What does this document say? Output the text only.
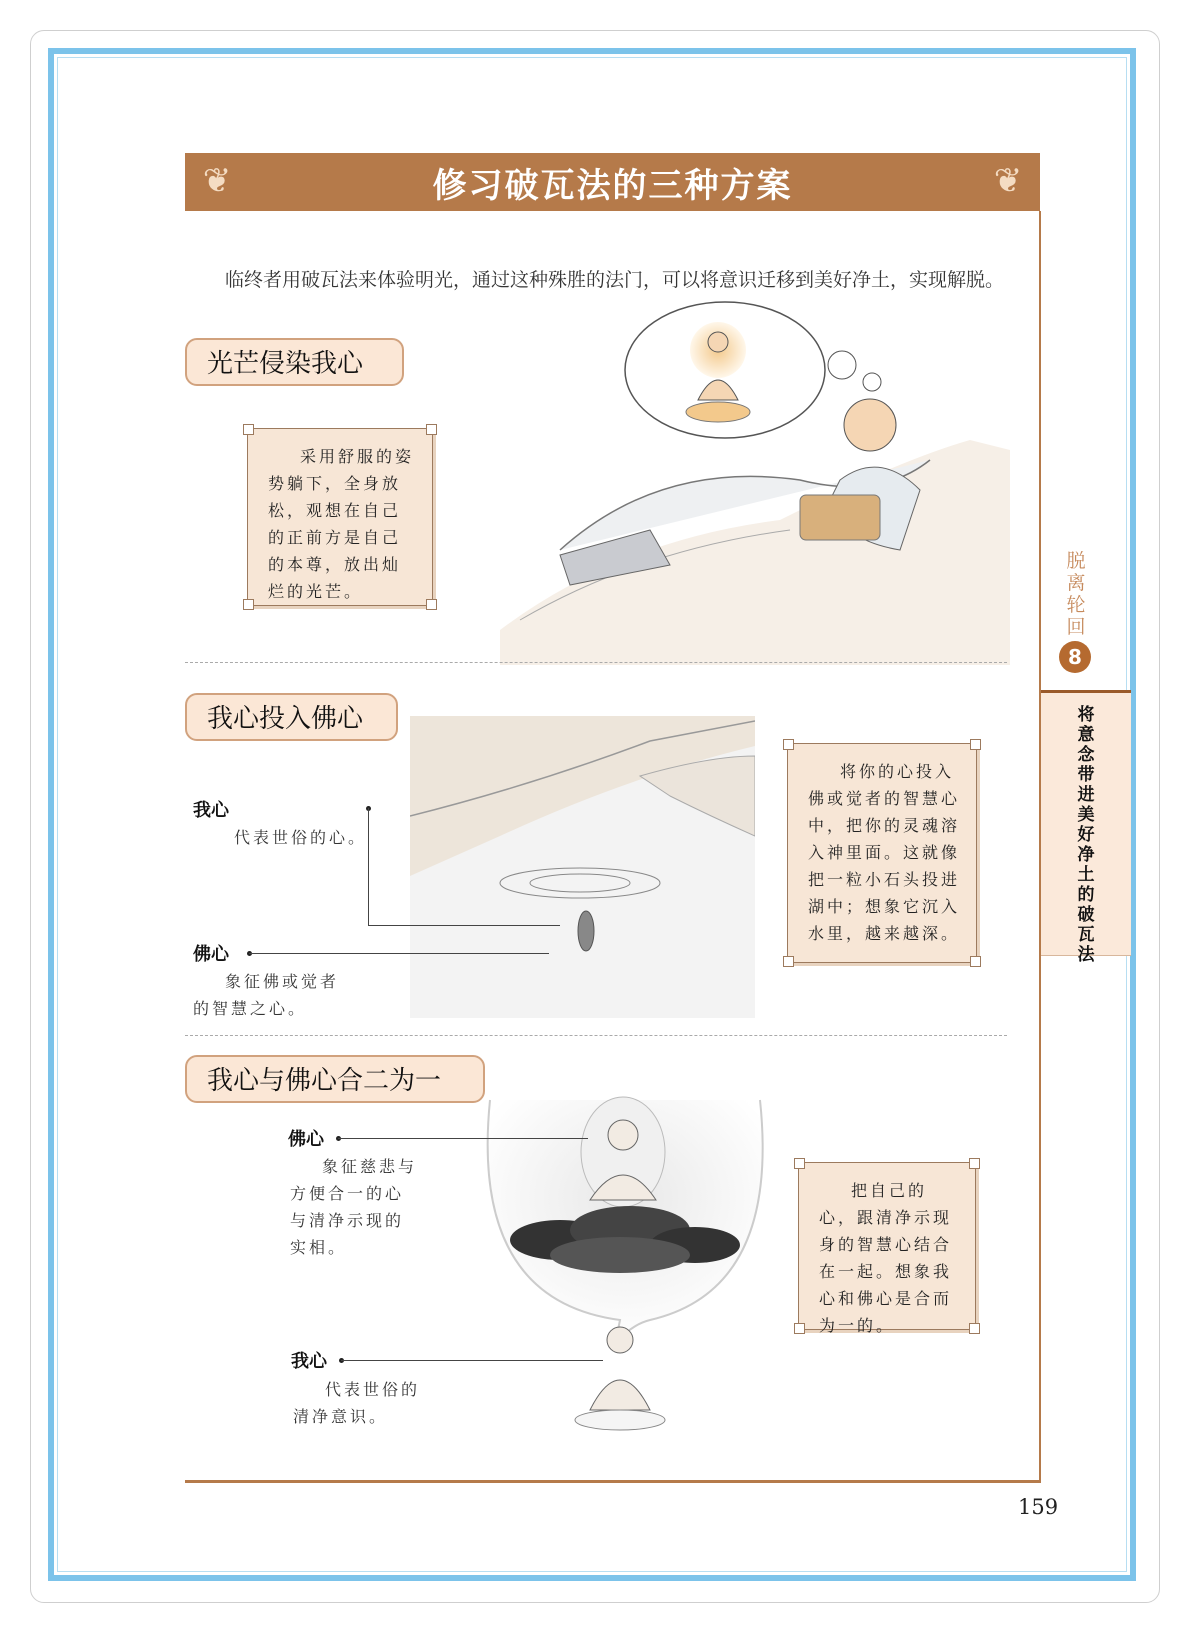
❦	修习破瓦法的三种方案	❦

临终者用破瓦法来体验明光，通过这种殊胜的法门，可以将意识迁移到美好净土，实现解脱。

光芒侵染我心
采用舒服的姿势躺下，全身放松，观想在自己的正前方是自己的本尊，放出灿烂的光芒。
我心投入佛心
我心
代表世俗的心。
佛心
象征佛或觉者的智慧之心。
将你的心投入佛或觉者的智慧心中，把你的灵魂溶入神里面。这就像把一粒小石头投进湖中；想象它沉入水里，越来越深。
我心与佛心合二为一
佛心
象征慈悲与方便合一的心与清净示现的实相。
我心
代表世俗的清净意识。
把自己的心，跟清净示现身的智慧心结合在一起。想象我心和佛心是合而为一的。
脱离轮回
8
将意念带进美好净土的破瓦法
159
